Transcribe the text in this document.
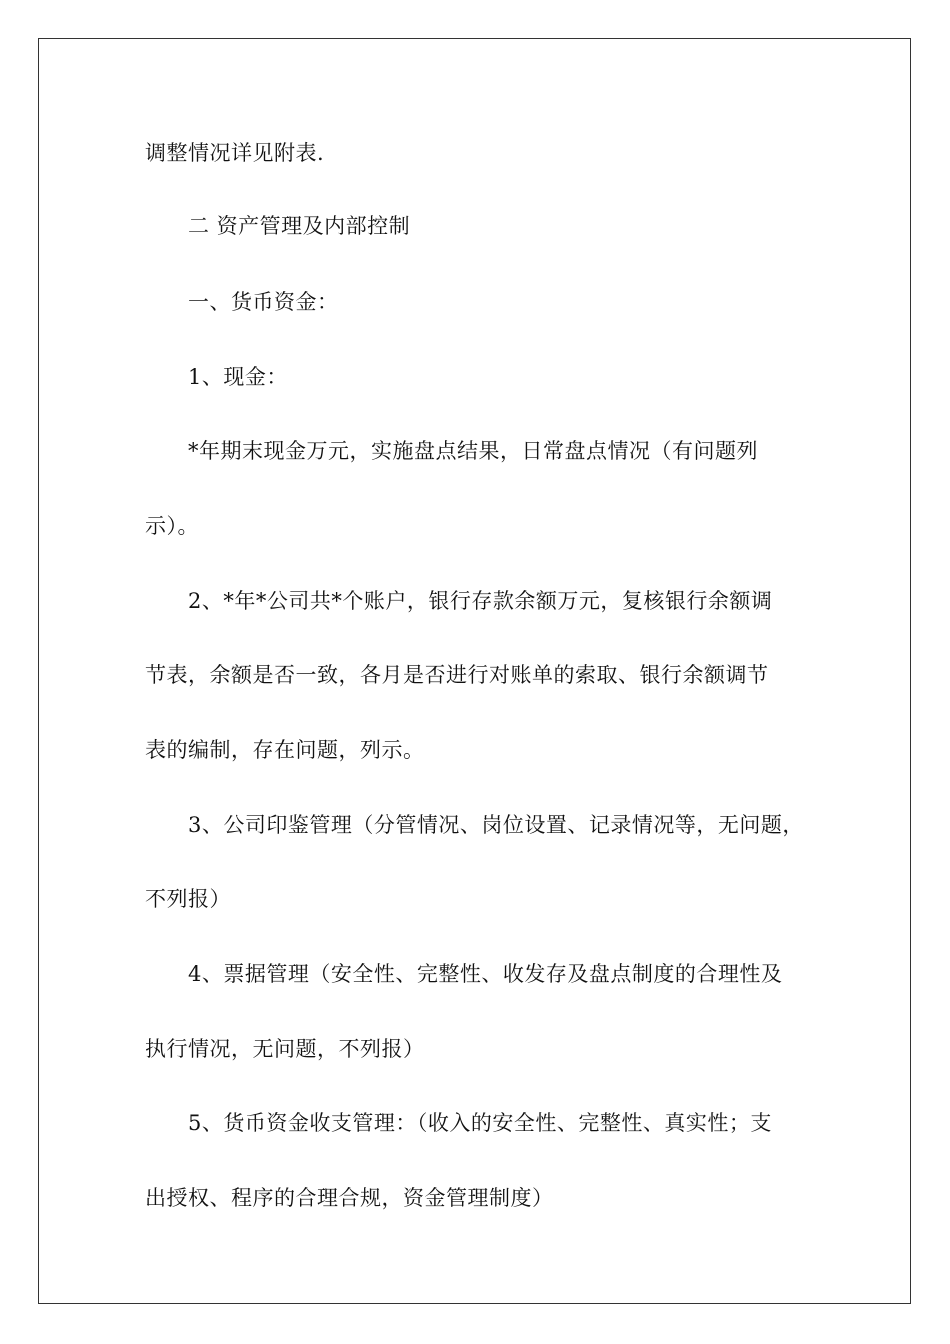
调整情况详见附表.

二 资产管理及内部控制

一、货币资金：

1、现金：

*年期末现金万元，实施盘点结果，日常盘点情况（有问题列

示）。

2、*年*公司共*个账户，银行存款余额万元，复核银行余额调

节表，余额是否一致，各月是否进行对账单的索取、银行余额调节

表的编制，存在问题，列示。

3、公司印鉴管理（分管情况、岗位设置、记录情况等，无问题，

不列报）

4、票据管理（安全性、完整性、收发存及盘点制度的合理性及

执行情况，无问题，不列报）

5、货币资金收支管理：（收入的安全性、完整性、真实性；支

出授权、程序的合理合规，资金管理制度）
